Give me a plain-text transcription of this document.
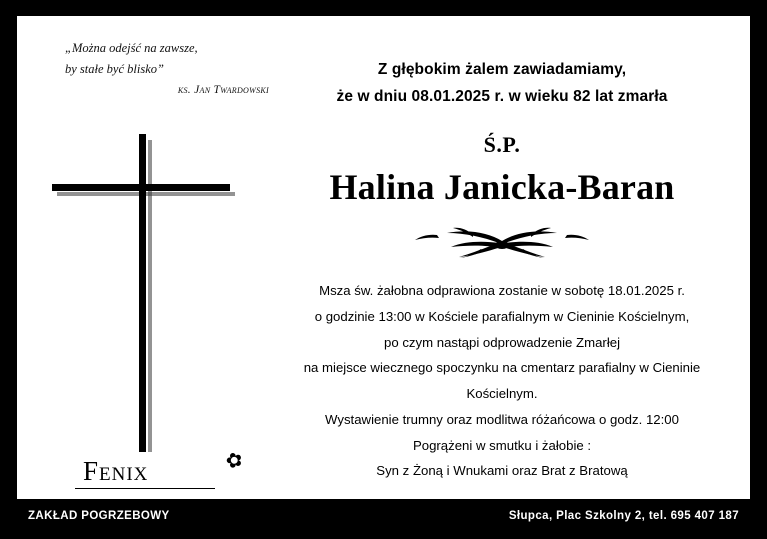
„Można odejść na zawsze,
by stałe być blisko”
ks. Jan Twardowski
Fenix	✿
Z głębokim żalem zawiadamiamy,
że w dniu 08.01.2025 r. w wieku 82 lat zmarła
Ś.P.
Halina Janicka-Baran

Msza św. żałobna odprawiona zostanie w sobotę 18.01.2025 r.

o godzinie 13:00 w Kościele parafialnym w Cieninie Kościelnym,

po czym nastąpi odprowadzenie Zmarłej

na miejsce wiecznego spoczynku na cmentarz parafialny w Cieninie

Kościelnym.

Wystawienie trumny oraz modlitwa różańcowa o godz. 12:00

Pogrążeni w smutku i żałobie :

Syn z Żoną i Wnukami oraz Brat z Bratową

ZAKŁAD POGRZEBOWY	Słupca, Plac Szkolny 2, tel. 695 407 187
